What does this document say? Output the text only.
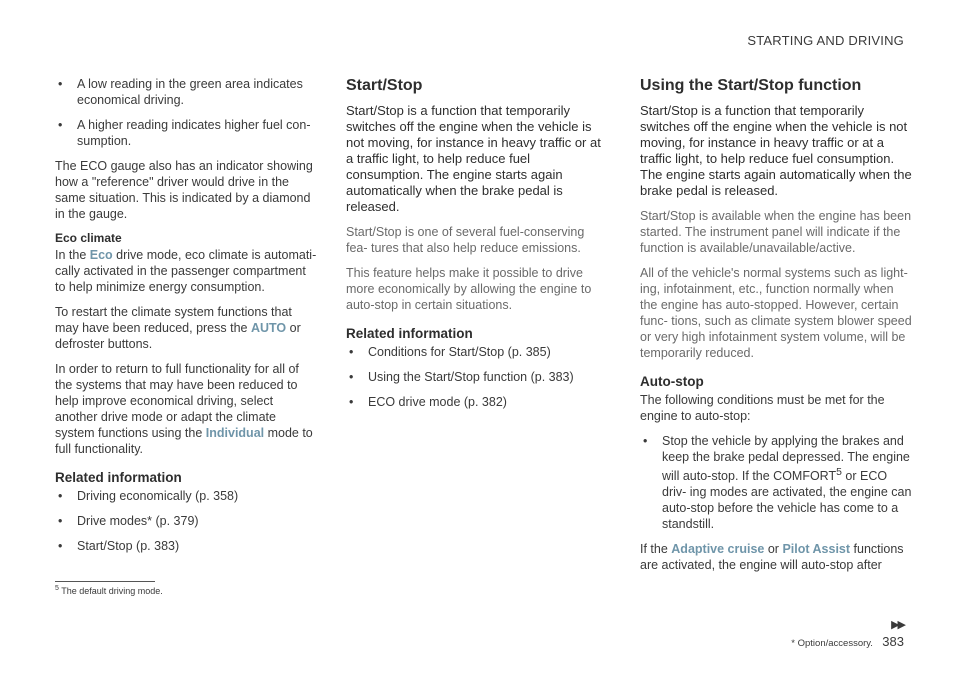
STARTING AND DRIVING
• A low reading in the green area indicates economical driving.
• A higher reading indicates higher fuel con- sumption.

The ECO gauge also has an indicator showing how a "reference" driver would drive in the same situation. This is indicated by a diamond in the gauge.

Eco climate

In the Eco drive mode, eco climate is automati- cally activated in the passenger compartment to help minimize energy consumption.

To restart the climate system functions that may have been reduced, press the AUTO or defroster buttons.

In order to return to full functionality for all of the systems that may have been reduced to help improve economical driving, select another drive mode or adapt the climate system functions using the Individual mode to full functionality.

Related information
• Driving economically (p. 358)
• Drive modes* (p. 379)
• Start/Stop (p. 383)
Start/Stop

Start/Stop is a function that temporarily switches off the engine when the vehicle is not moving, for instance in heavy traffic or at a traffic light, to help reduce fuel consumption. The engine starts again automatically when the brake pedal is released.

Start/Stop is one of several fuel-conserving fea- tures that also help reduce emissions.

This feature helps make it possible to drive more economically by allowing the engine to auto-stop in certain situations.

Related information
• Conditions for Start/Stop (p. 385)
• Using the Start/Stop function (p. 383)
• ECO drive mode (p. 382)
Using the Start/Stop function

Start/Stop is a function that temporarily switches off the engine when the vehicle is not moving, for instance in heavy traffic or at a traffic light, to help reduce fuel consumption. The engine starts again automatically when the brake pedal is released.

Start/Stop is available when the engine has been started. The instrument panel will indicate if the function is available/unavailable/active.

All of the vehicle's normal systems such as light- ing, infotainment, etc., function normally when the engine has auto-stopped. However, certain func- tions, such as climate system blower speed or very high infotainment system volume, will be temporarily reduced.

Auto-stop

The following conditions must be met for the engine to auto-stop:

• Stop the vehicle by applying the brakes and keep the brake pedal depressed. The engine will auto-stop. If the COMFORT$^5$ or ECO driv- ing modes are activated, the engine can auto-stop before the vehicle has come to a standstill.

If the Adaptive cruise or Pilot Assist functions are activated, the engine will auto-stop after

$^5$ The default driving mode.
▶▶
* Option/accessory. 383
